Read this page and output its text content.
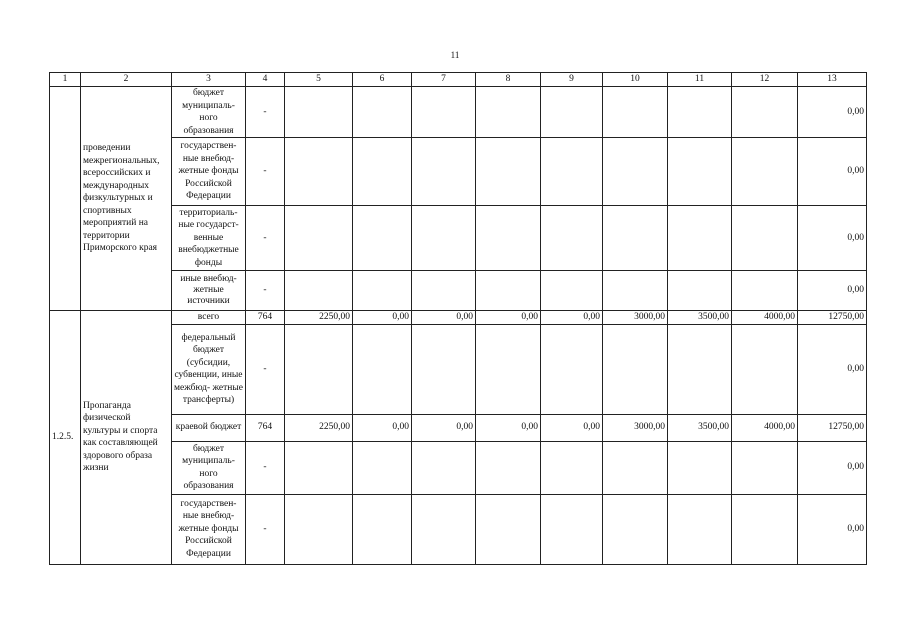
11
1	2	3	4	5	6	7	8	9	10	11	12	13
	проведении межрегиональных, всероссийских и международных физкультурных и спортивных мероприятий на территории Приморского края	бюджет муниципаль- ного образования	-									0,00
		государствен- ные внебюд- жетные фонды Российской Федерации	-									0,00
		территориаль- ные государст- венные внебюджетные фонды	-									0,00
		иные внебюд- жетные источники	-									0,00
1.2.5.	Пропаганда физической культуры и спорта как составляющей здорового образа жизни	всего	764	2250,00	0,00	0,00	0,00	0,00	3000,00	3500,00	4000,00	12750,00
		федеральный бюджет (субсидии, субвенции, иные межбюд- жетные трансферты)	-									0,00
		краевой бюджет	764	2250,00	0,00	0,00	0,00	0,00	3000,00	3500,00	4000,00	12750,00
		бюджет муниципаль- ного образования	-									0,00
		государствен- ные внебюд- жетные фонды Российской Федерации	-									0,00
